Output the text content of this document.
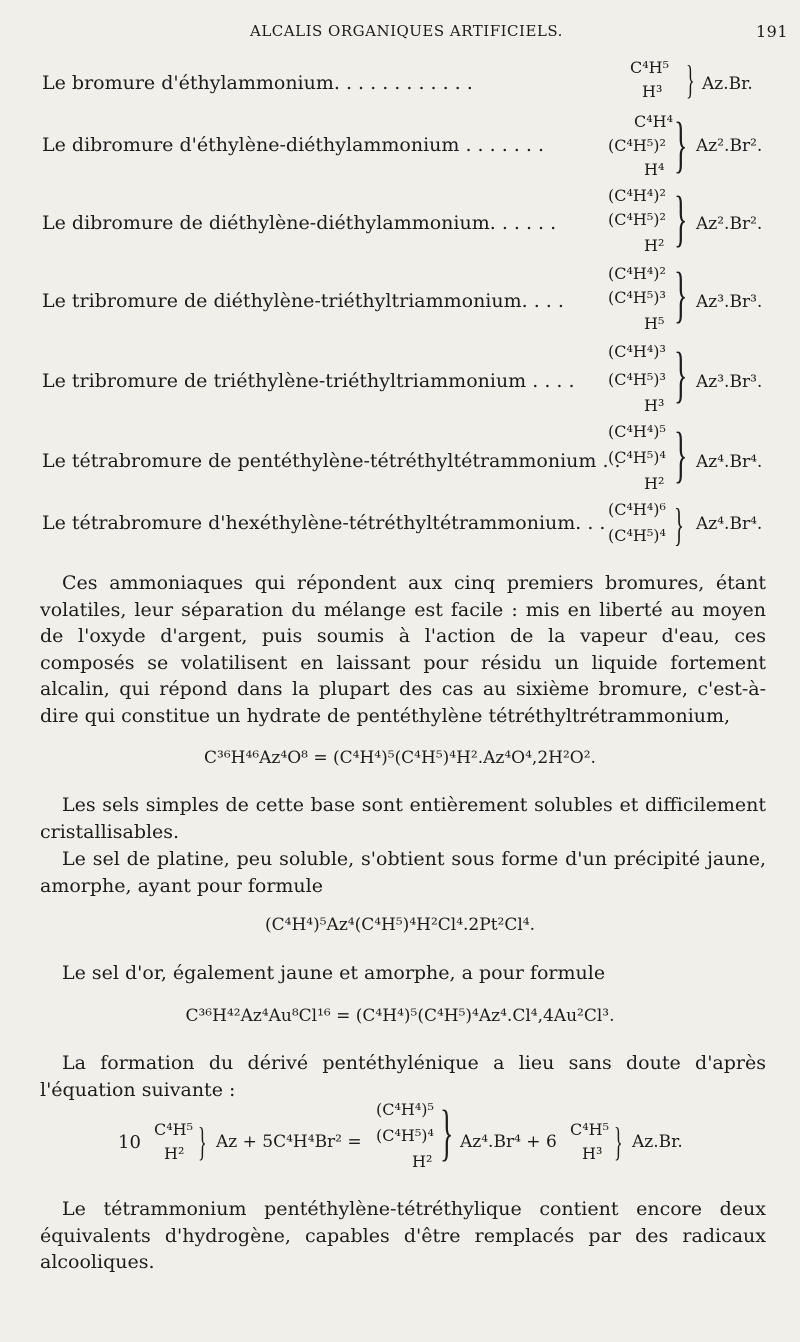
ALCALIS ORGANIQUES ARTIFICIELS.	191
Le bromure d'éthylammonium. . . . . . . . . . . .
C⁴H⁵
H³ } Az.Br.
Le dibromure d'éthylène-diéthylammonium . . . . . . .
C⁴H⁴
(C⁴H⁵)²
H⁴ } Az².Br².
Le dibromure de diéthylène-diéthylammonium. . . . . .
(C⁴H⁴)²
(C⁴H⁵)²
H² } Az².Br².
Le tribromure de diéthylène-triéthyltriammonium. . . .
(C⁴H⁴)²
(C⁴H⁵)³
H⁵ } Az³.Br³.
Le tribromure de triéthylène-triéthyltriammonium . . . .
(C⁴H⁴)³
(C⁴H⁵)³
H³ } Az³.Br³.
Le tétrabromure de pentéthylène-tétréthyltétrammonium . .
(C⁴H⁴)⁵
(C⁴H⁵)⁴
H² } Az⁴.Br⁴.
Le tétrabromure d'hexéthylène-tétréthyltétrammonium. . .
(C⁴H⁴)⁶
(C⁴H⁵)⁴ } Az⁴.Br⁴.
Ces ammoniaques qui répondent aux cinq premiers bromures, étant volatiles, leur séparation du mélange est facile : mis en liberté au moyen de l'oxyde d'argent, puis soumis à l'action de la vapeur d'eau, ces composés se volatilisent en laissant pour résidu un liquide fortement alcalin, qui répond dans la plupart des cas au sixième bromure, c'est-à-dire qui constitue un hydrate de pentéthylène tétréthyltrétrammonium,
C³⁶H⁴⁶Az⁴O⁸ = (C⁴H⁴)⁵(C⁴H⁵)⁴H².Az⁴O⁴,2H²O².
Les sels simples de cette base sont entièrement solubles et difficilement cristallisables.
Le sel de platine, peu soluble, s'obtient sous forme d'un précipité jaune, amorphe, ayant pour formule
(C⁴H⁴)⁵Az⁴(C⁴H⁵)⁴H²Cl⁴.2Pt²Cl⁴.
Le sel d'or, également jaune et amorphe, a pour formule
C³⁶H⁴²Az⁴Au⁸Cl¹⁶ = (C⁴H⁴)⁵(C⁴H⁵)⁴Az⁴.Cl⁴,4Au²Cl³.
La formation du dérivé pentéthylénique a lieu sans doute d'après l'équation suivante :
10
C⁴H⁵
H² } Az + 5C⁴H⁴Br² =
(C⁴H⁴)⁵
(C⁴H⁵)⁴
H² } Az⁴.Br⁴ + 6
C⁴H⁵
H³ } Az.Br.
Le tétrammonium pentéthylène-tétréthylique contient encore deux équivalents d'hydrogène, capables d'être remplacés par des radicaux alcooliques.
